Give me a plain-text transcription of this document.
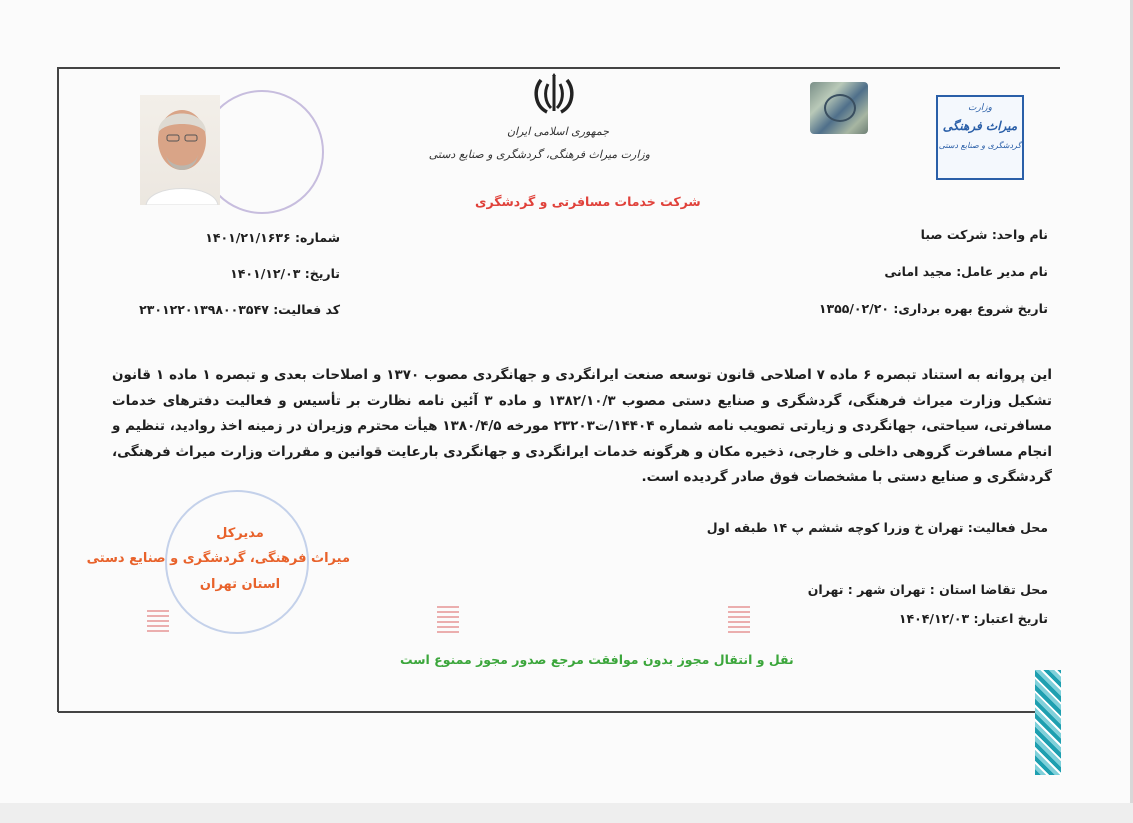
جمهوری اسلامی ایران
وزارت میراث فرهنگی، گردشگری و صنایع دستی
شرکت خدمات مسافرتی و گردشگری
وزارت
میراث فرهنگی
گردشگری و صنایع دستی
شماره: ۱۴۰۱/۲۱/۱۶۳۶
تاریخ: ۱۴۰۱/۱۲/۰۳
کد فعالیت: ۲۳۰۱۲۲۰۱۳۹۸۰۰۳۵۴۷
نام واحد: شرکت صبا
نام مدیر عامل: مجید امانی
تاریخ شروع بهره برداری: ۱۳۵۵/۰۲/۲۰
این پروانه به استناد تبصره ۶ ماده ۷ اصلاحی قانون توسعه صنعت ایرانگردی و جهانگردی مصوب ۱۳۷۰ و اصلاحات بعدی و تبصره ۱ ماده ۱ قانون تشکیل وزارت میراث فرهنگی، گردشگری و صنایع دستی مصوب ۱۳۸۲/۱۰/۳ و ماده ۳ آئین نامه نظارت بر تأسیس و فعالیت دفترهای خدمات مسافرتی، سیاحتی، جهانگردی و زیارتی تصویب نامه شماره ۱۴۴۰۴/ت۲۳۲۰۳ مورخه ۱۳۸۰/۴/۵ هیأت محترم وزیران در زمینه اخذ روادید، تنظیم و انجام مسافرت گروهی داخلی و خارجی، ذخیره مکان و هرگونه خدمات ایرانگردی و جهانگردی بارعایت قوانین و مقررات وزارت میراث فرهنگی، گردشگری و صنایع دستی با مشخصات فوق صادر گردیده است.
محل فعالیت: تهران خ وزرا کوچه ششم پ ۱۴ طبقه اول
محل تقاضا استان : تهران شهر : تهران
تاریخ اعتبار: ۱۴۰۴/۱۲/۰۳
مدیرکل
میراث فرهنگی، گردشگری و صنایع دستی
استان تهران
نقل و انتقال مجوز بدون موافقت مرجع صدور مجوز ممنوع است
